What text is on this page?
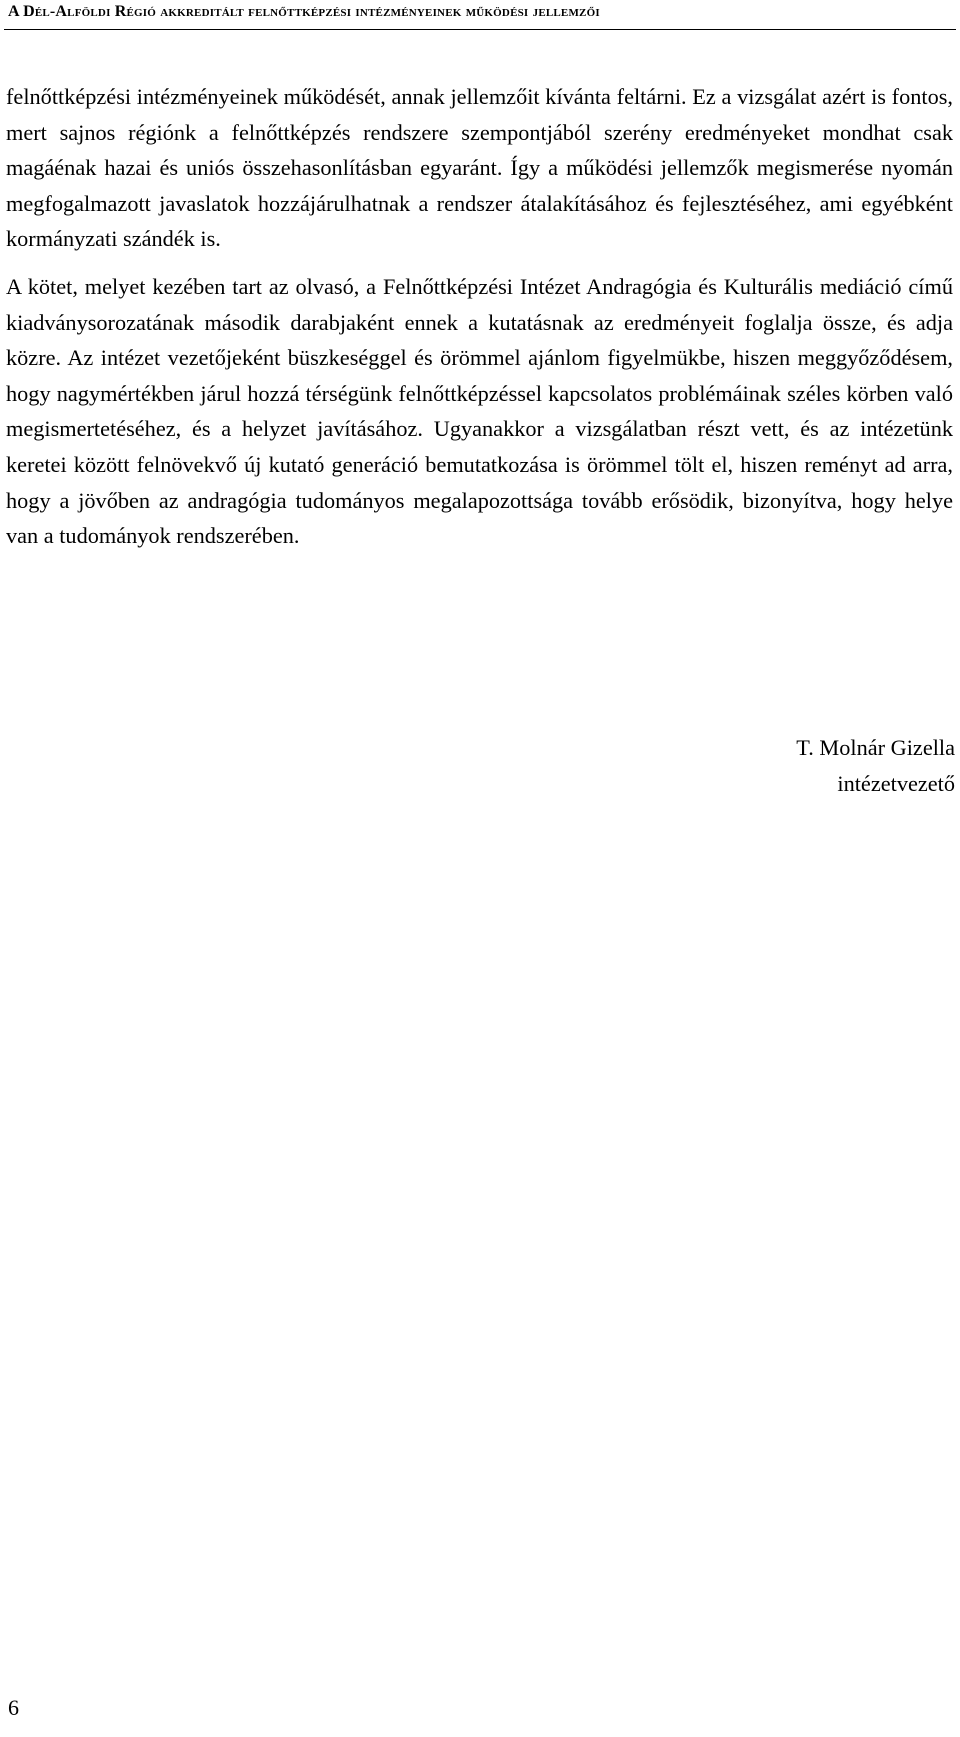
A Dél-Alföldi Régió akkreditált felnőttképzési intézményeinek működési jellemzői

felnőttképzési intézményeinek működését, annak jellemzőit kívánta feltárni. Ez a vizsgálat azért is fontos, mert sajnos régiónk a felnőttképzés rendszere szempontjából szerény eredményeket mondhat csak magáénak hazai és uniós összehasonlításban egyaránt. Így a működési jellemzők megismerése nyomán megfogalmazott javaslatok hozzájárulhatnak a rendszer átalakításához és fejlesztéséhez, ami egyébként kormányzati szándék is.

A kötet, melyet kezében tart az olvasó, a Felnőttképzési Intézet Andragógia és Kulturális mediáció című kiadványsorozatának második darabjaként ennek a kutatásnak az eredményeit foglalja össze, és adja közre. Az intézet vezetőjeként büszkeséggel és örömmel ajánlom figyelmükbe, hiszen meggyőződésem, hogy nagymértékben járul hozzá térségünk felnőttképzéssel kapcsolatos problémáinak széles körben való megismertetéséhez, és a helyzet javításához. Ugyanakkor a vizsgálatban részt vett, és az intézetünk keretei között felnövekvő új kutató generáció bemutatkozása is örömmel tölt el, hiszen reményt ad arra, hogy a jövőben az andragógia tudományos megalapozottsága tovább erősödik, bizonyítva, hogy helye van a tudományok rendszerében.

T. Molnár Gizella
intézetvezető
6
